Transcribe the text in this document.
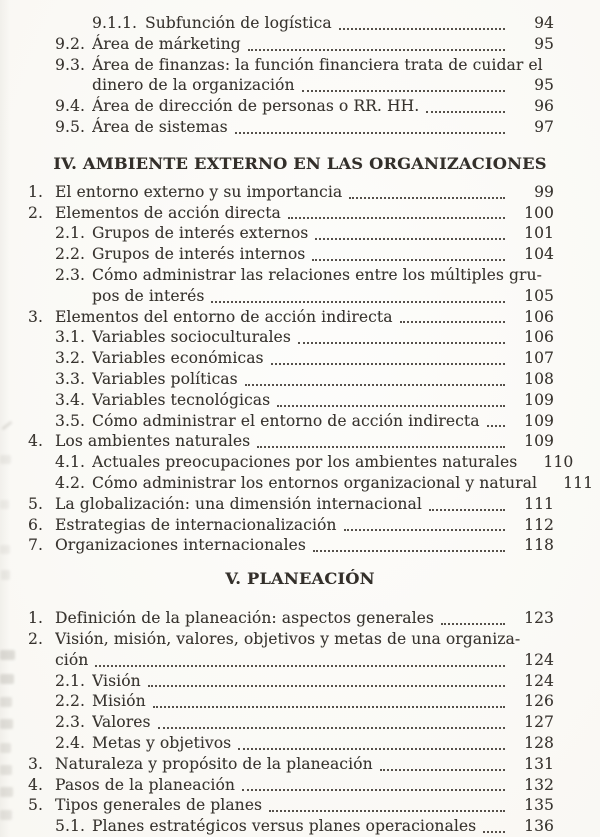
9.1.1. Subfunción de logística	94
9.2. Área de márketing	95
9.3. Área de finanzas: la función financiera trata de cuidar el
dinero de la organización	95
9.4. Área de dirección de personas o RR. HH.	96
9.5. Área de sistemas	97
IV. AMBIENTE EXTERNO EN LAS ORGANIZACIONES
1. El entorno externo y su importancia	99
2. Elementos de acción directa	100
2.1. Grupos de interés externos	101
2.2. Grupos de interés internos	104
2.3. Cómo administrar las relaciones entre los múltiples gru-
pos de interés	105
3. Elementos del entorno de acción indirecta	106
3.1. Variables socioculturales	106
3.2. Variables económicas	107
3.3. Variables políticas	108
3.4. Variables tecnológicas	109
3.5. Cómo administrar el entorno de acción indirecta	109
4. Los ambientes naturales	109
4.1. Actuales preocupaciones por los ambientes naturales	110
4.2. Cómo administrar los entornos organizacional y natural	111
5. La globalización: una dimensión internacional	111
6. Estrategias de internacionalización	112
7. Organizaciones internacionales	118
V. PLANEACIÓN
1. Definición de la planeación: aspectos generales	123
2. Visión, misión, valores, objetivos y metas de una organiza-
ción	124
2.1. Visión	124
2.2. Misión	126
2.3. Valores	127
2.4. Metas y objetivos	128
3. Naturaleza y propósito de la planeación	131
4. Pasos de la planeación	132
5. Tipos generales de planes	135
5.1. Planes estratégicos versus planes operacionales	136
